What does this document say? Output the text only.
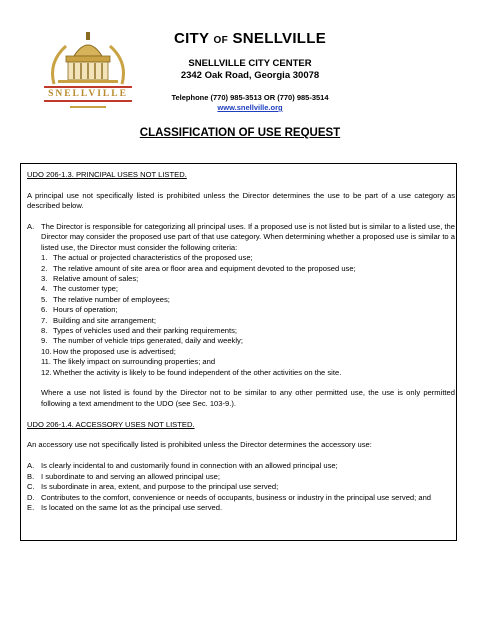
SNELLVILLE
CITY OF SNELLVILLE
SNELLVILLE CITY CENTER
2342 Oak Road, Georgia 30078
Telephone (770) 985-3513 OR (770) 985-3514
www.snellville.org
CLASSIFICATION OF USE REQUEST

UDO 206-1.3. PRINCIPAL USES NOT LISTED.

A principal use not specifically listed is prohibited unless the Director determines the use to be part of a use category as described below.

A. The Director is responsible for categorizing all principal uses. If a proposed use is not listed but is similar to a listed use, the Director may consider the proposed use part of that use category. When determining whether a proposed use is similar to a listed use, the Director must consider the following criteria:
1. The actual or projected characteristics of the proposed use;
2. The relative amount of site area or floor area and equipment devoted to the proposed use;
3. Relative amount of sales;
4. The customer type;
5. The relative number of employees;
6. Hours of operation;
7. Building and site arrangement;
8. Types of vehicles used and their parking requirements;
9. The number of vehicle trips generated, daily and weekly;
10. How the proposed use is advertised;
11. The likely impact on surrounding properties; and
12. Whether the activity is likely to be found independent of the other activities on the site.

Where a use not listed is found by the Director not to be similar to any other permitted use, the use is only permitted following a text amendment to the UDO (see Sec. 103-9.).

UDO 206-1.4. ACCESSORY USES NOT LISTED.

An accessory use not specifically listed is prohibited unless the Director determines the accessory use:

A. Is clearly incidental to and customarily found in connection with an allowed principal use;
B. I subordinate to and serving an allowed principal use;
C. Is subordinate in area, extent, and purpose to the principal use served;
D. Contributes to the comfort, convenience or needs of occupants, business or industry in the principal use served; and
E. Is located on the same lot as the principal use served.
